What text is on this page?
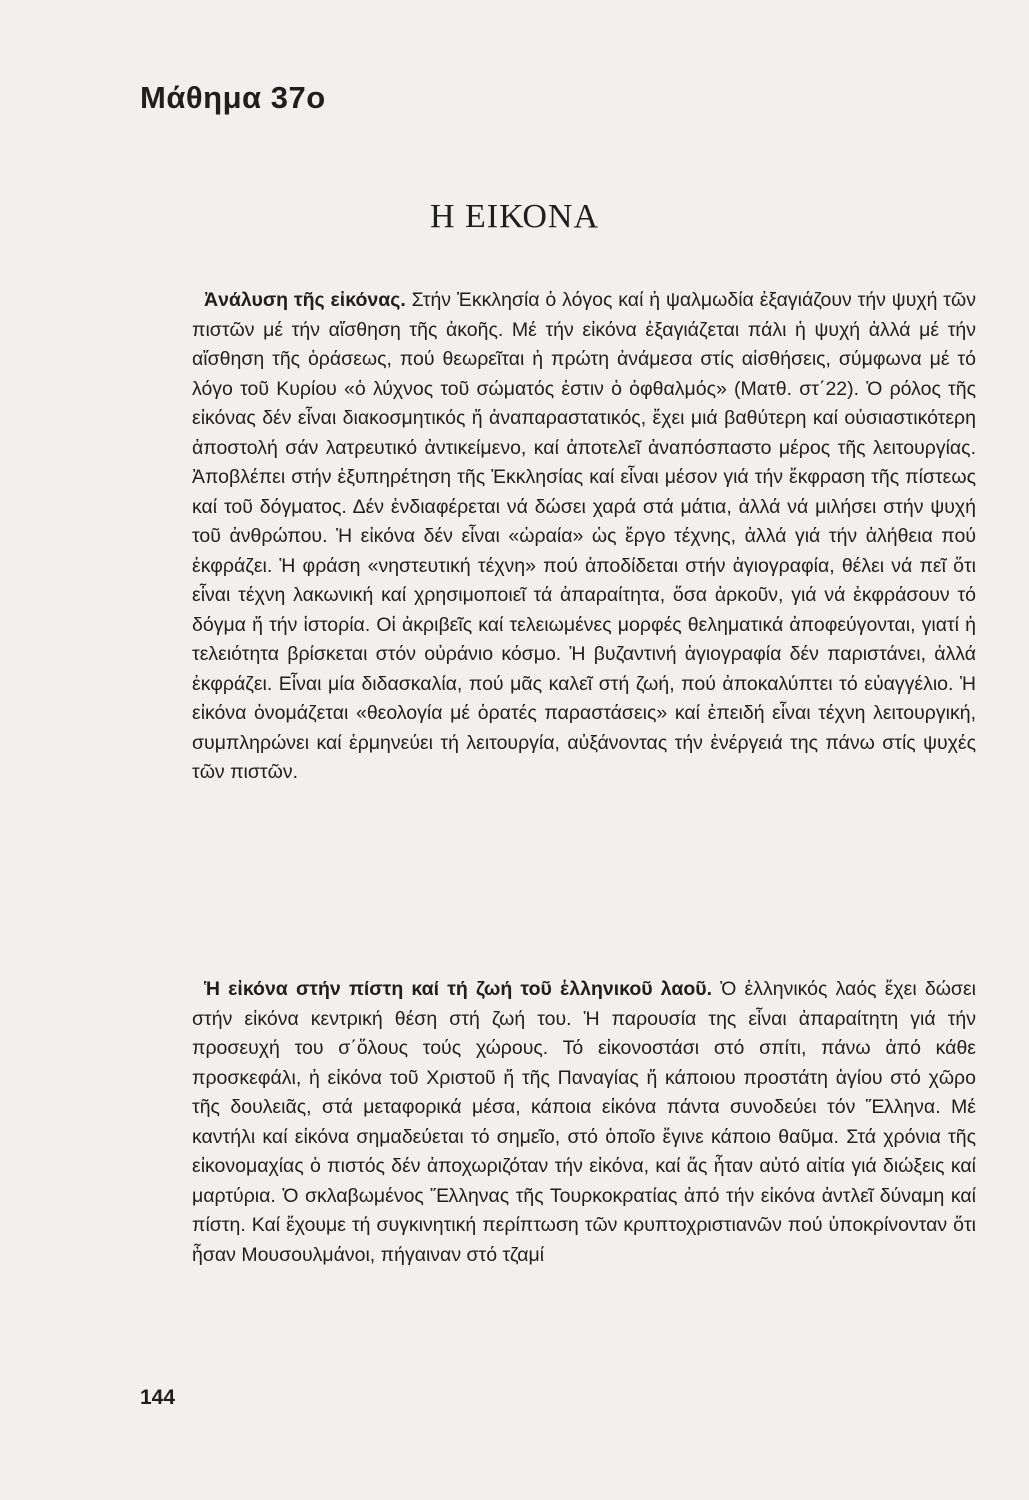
Μάθημα 37ο
Η ΕΙΚΟΝΑ

Ἀνάλυση τῆς εἰκόνας. Στήν Ἐκκλησία ὁ λόγος καί ἡ ψαλμωδία ἐξαγιάζουν τήν ψυχή τῶν πιστῶν μέ τήν αἴσθηση τῆς ἀκοῆς. Μέ τήν εἰκόνα ἐξαγιάζεται πάλι ἡ ψυχή ἀλλά μέ τήν αἴσθηση τῆς ὁράσεως, πού θεωρεῖται ἡ πρώτη ἀνάμεσα στίς αἰσθήσεις, σύμφωνα μέ τό λόγο τοῦ Κυρίου «ὁ λύχνος τοῦ σώματός ἐστιν ὁ ὀφθαλμός» (Ματθ. στ΄22). Ὁ ρόλος τῆς εἰκόνας δέν εἶναι διακοσμητικός ἤ ἀναπαραστατικός, ἔχει μιά βαθύτερη καί οὐσιαστικότερη ἀποστολή σάν λατρευτικό ἀντικείμενο, καί ἀποτελεῖ ἀναπόσπαστο μέρος τῆς λειτουργίας. Ἀποβλέπει στήν ἐξυπηρέτηση τῆς Ἐκκλησίας καί εἶναι μέσον γιά τήν ἔκφραση τῆς πίστεως καί τοῦ δόγματος. Δέν ἐνδιαφέρεται νά δώσει χαρά στά μάτια, ἀλλά νά μιλήσει στήν ψυχή τοῦ ἀνθρώπου. Ἡ εἰκόνα δέν εἶναι «ὡραία» ὡς ἔργο τέχνης, ἀλλά γιά τήν ἀλήθεια πού ἐκφράζει. Ἡ φράση «νηστευτική τέχνη» πού ἀποδίδεται στήν ἁγιογραφία, θέλει νά πεῖ ὅτι εἶναι τέχνη λακωνική καί χρησιμοποιεῖ τά ἀπαραίτητα, ὅσα ἀρκοῦν, γιά νά ἐκφράσουν τό δόγμα ἤ τήν ἱστορία. Οἱ ἀκριβεῖς καί τελειωμένες μορφές θεληματικά ἀποφεύγονται, γιατί ἡ τελειότητα βρίσκεται στόν οὐράνιο κόσμο. Ἡ βυζαντινή ἁγιογραφία δέν παριστάνει, ἀλλά ἐκφράζει. Εἶναι μία διδασκαλία, πού μᾶς καλεῖ στή ζωή, πού ἀποκαλύπτει τό εὐαγγέλιο. Ἡ εἰκόνα ὀνομάζεται «θεολογία μέ ὁρατές παραστάσεις» καί ἐπειδή εἶναι τέχνη λειτουργική, συμπληρώνει καί ἑρμηνεύει τή λειτουργία, αὐξάνοντας τήν ἐνέργειά της πάνω στίς ψυχές τῶν πιστῶν.

Ἡ εἰκόνα στήν πίστη καί τή ζωή τοῦ ἑλληνικοῦ λαοῦ. Ὁ ἑλληνικός λαός ἔχει δώσει στήν εἰκόνα κεντρική θέση στή ζωή του. Ἡ παρουσία της εἶναι ἀπαραίτητη γιά τήν προσευχή του σ΄ὅλους τούς χώρους. Τό εἰκονοστάσι στό σπίτι, πάνω ἀπό κάθε προσκεφάλι, ἡ εἰκόνα τοῦ Χριστοῦ ἤ τῆς Παναγίας ἤ κάποιου προστάτη ἁγίου στό χῶρο τῆς δουλειᾶς, στά μεταφορικά μέσα, κάποια εἰκόνα πάντα συνοδεύει τόν Ἕλληνα. Μέ καντήλι καί εἰκόνα σημαδεύεται τό σημεῖο, στό ὁποῖο ἔγινε κάποιο θαῦμα. Στά χρόνια τῆς εἰκονομαχίας ὁ πιστός δέν ἀποχωριζόταν τήν εἰκόνα, καί ἄς ἦταν αὐτό αἰτία γιά διώξεις καί μαρτύρια. Ὁ σκλαβωμένος Ἕλληνας τῆς Τουρκοκρατίας ἀπό τήν εἰκόνα ἀντλεῖ δύναμη καί πίστη. Καί ἔχουμε τή συγκινητική περίπτωση τῶν κρυπτοχριστιανῶν πού ὑποκρίνονταν ὅτι ἦσαν Μουσουλμάνοι, πήγαιναν στό τζαμί

144
